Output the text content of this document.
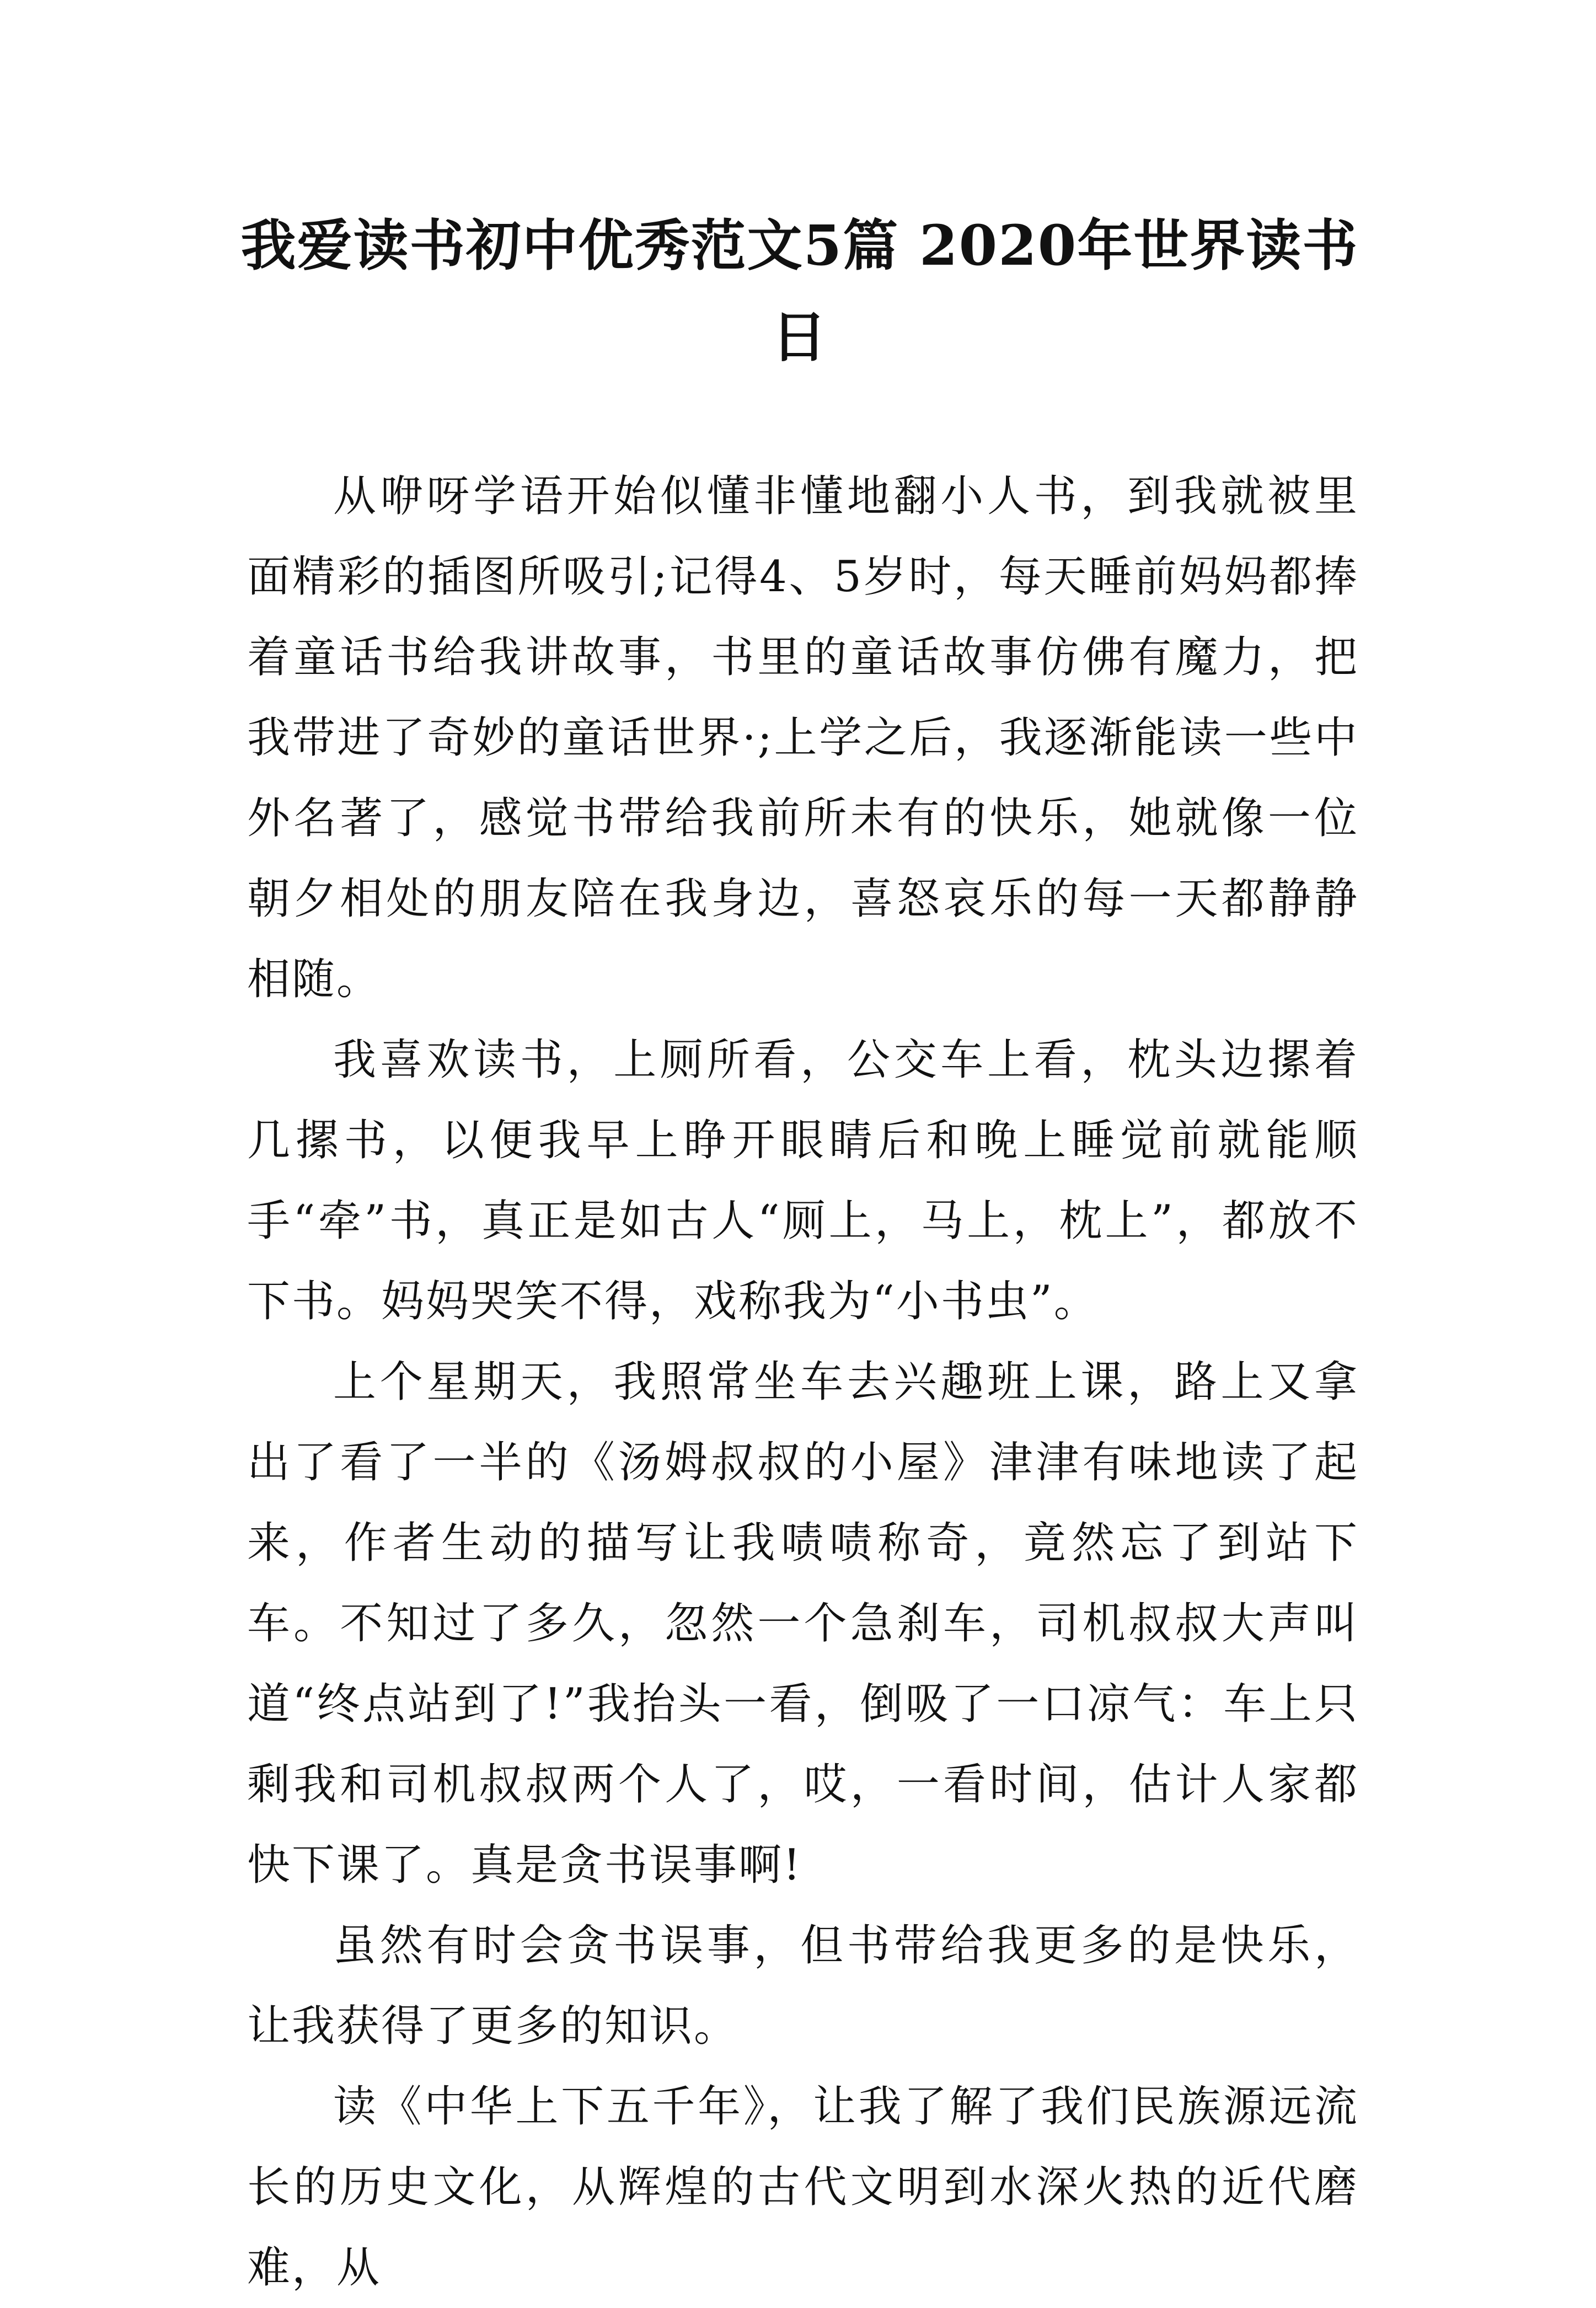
我爱读书初中优秀范文5篇 2020年世界读书日

从咿呀学语开始似懂非懂地翻小人书，到我就被里面精彩的插图所吸引;记得4、5岁时，每天睡前妈妈都捧着童话书给我讲故事，书里的童话故事仿佛有魔力，把我带进了奇妙的童话世界·;上学之后，我逐渐能读一些中外名著了，感觉书带给我前所未有的快乐，她就像一位朝夕相处的朋友陪在我身边，喜怒哀乐的每一天都静静相随。

我喜欢读书，上厕所看，公交车上看，枕头边摞着几摞书，以便我早上睁开眼睛后和晚上睡觉前就能顺手“牵”书，真正是如古人“厕上，马上，枕上”，都放不下书。妈妈哭笑不得，戏称我为“小书虫”。

上个星期天，我照常坐车去兴趣班上课，路上又拿出了看了一半的《汤姆叔叔的小屋》津津有味地读了起来，作者生动的描写让我啧啧称奇，竟然忘了到站下车。不知过了多久，忽然一个急刹车，司机叔叔大声叫道“终点站到了!”我抬头一看，倒吸了一口凉气：车上只剩我和司机叔叔两个人了，哎，一看时间，估计人家都快下课了。真是贪书误事啊!

虽然有时会贪书误事，但书带给我更多的是快乐，让我获得了更多的知识。

读《中华上下五千年》，让我了解了我们民族源远流长的历史文化，从辉煌的古代文明到水深火热的近代磨难，从
